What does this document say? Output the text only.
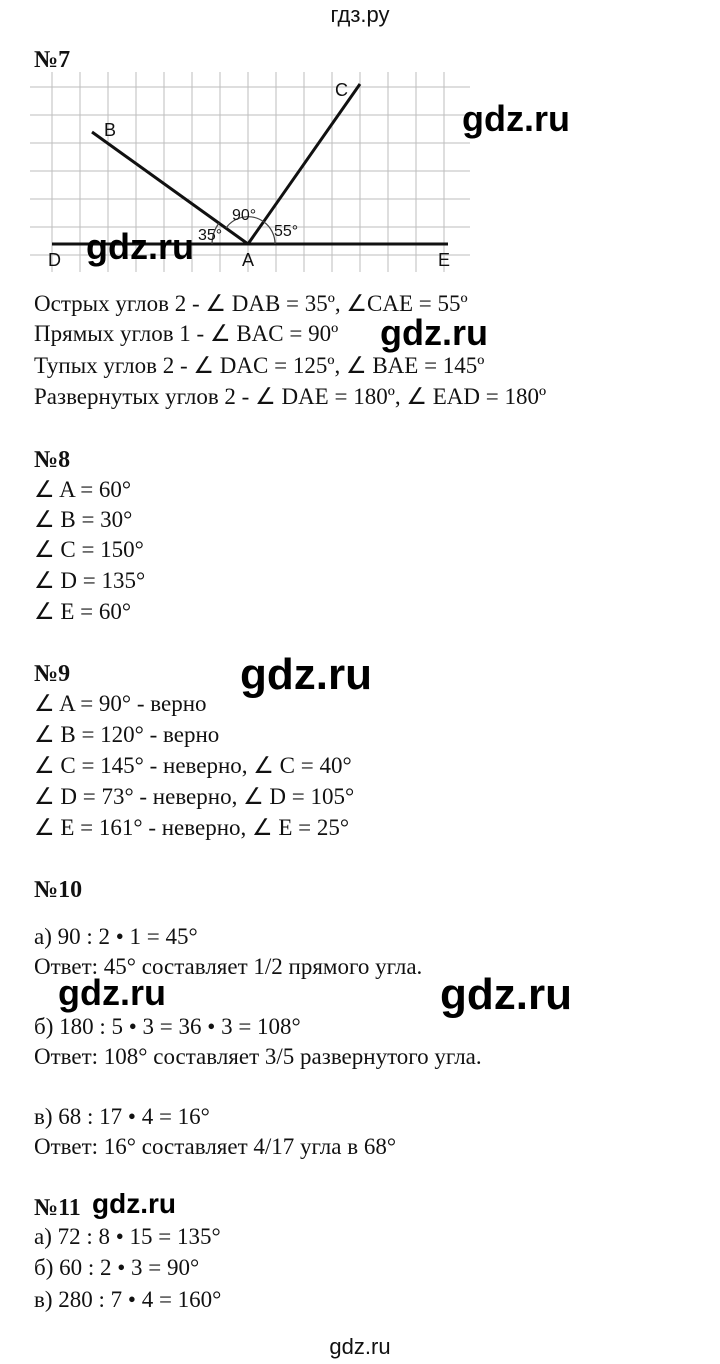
гдз.ру
№7
B
C
D	A	E
35°
90°
55°
Острых углов 2 - ∠ DAB = 35º, ∠CAE = 55º
Прямых углов 1 - ∠ BAC = 90º
Тупых углов 2 - ∠ DAC = 125º, ∠ BAE = 145º
Развернутых углов 2 - ∠ DAE = 180º, ∠ EAD = 180º
№8
∠ A = 60°
∠ B = 30°
∠ C = 150°
∠ D = 135°
∠ E = 60°
№9
∠ A = 90° - верно
∠ B = 120° - верно
∠ C = 145° - неверно, ∠ C = 40°
∠ D = 73° - неверно, ∠ D = 105°
∠ E = 161° - неверно, ∠ E = 25°
№10
а) 90 : 2 • 1 = 45°
Ответ: 45° составляет 1/2 прямого угла.
б) 180 : 5 • 3 = 36 • 3 = 108°
Ответ: 108° составляет 3/5 развернутого угла.
в) 68 : 17 • 4 = 16°
Ответ: 16° составляет 4/17 угла в 68°
№11
а) 72 : 8 • 15 = 135°
б) 60 : 2 • 3 = 90°
в) 280 : 7 • 4 = 160°
gdz.ru
gdz.ru
gdz.ru
gdz.ru
gdz.ru
gdz.ru
gdz.ru
gdz.ru
